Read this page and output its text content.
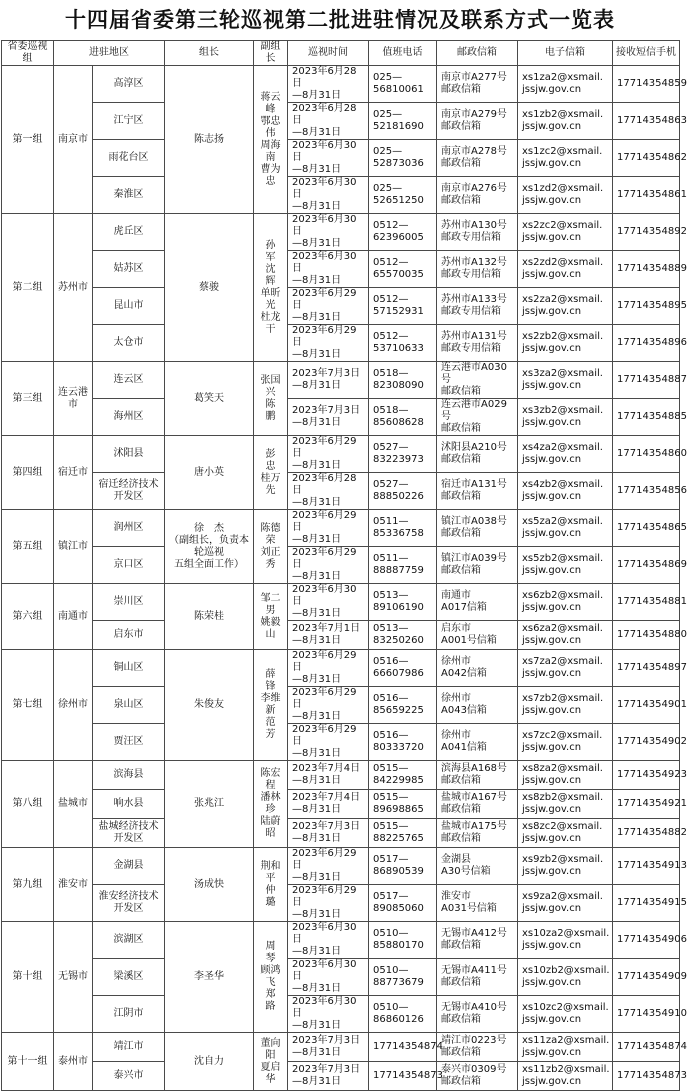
十四届省委第三轮巡视第二批进驻情况及联系方式一览表
省委巡视组	进驻地区		组长	副组长	巡视时间	值班电话	邮政信箱	电子信箱	接收短信手机
第一组	南京市	高淳区	陈志扬	蒋云峰
鄂忠伟
周海南
曹为忠	2023年6月28日
—8月31日	025—
56810061	南京市A277号
邮政信箱	xs1za2@xsmail.
jssjw.gov.cn	17714354859
		江宁区			2023年6月28日
—8月31日	025—
52181690	南京市A279号
邮政信箱	xs1zb2@xsmail.
jssjw.gov.cn	17714354863
		雨花台区			2023年6月30日
—8月31日	025—
52873036	南京市A278号
邮政信箱	xs1zc2@xsmail.
jssjw.gov.cn	17714354862
		秦淮区			2023年6月30日
—8月31日	025—
52651250	南京市A276号
邮政信箱	xs1zd2@xsmail.
jssjw.gov.cn	17714354861
第二组	苏州市	虎丘区	蔡骏	孙　军
沈　辉
单昕光
杜龙干	2023年6月30日
—8月31日	0512—
62396005	苏州市A130号
邮政专用信箱	xs2zc2@xsmail.
jssjw.gov.cn	17714354892
		姑苏区			2023年6月30日
—8月31日	0512—
65570035	苏州市A132号
邮政专用信箱	xs2zd2@xsmail.
jssjw.gov.cn	17714354889
		昆山市			2023年6月29日
—8月31日	0512—
57152931	苏州市A133号
邮政专用信箱	xs2za2@xsmail.
jssjw.gov.cn	17714354895
		太仓市			2023年6月29日
—8月31日	0512—
53710633	苏州市A131号
邮政专用信箱	xs2zb2@xsmail.
jssjw.gov.cn	17714354896
第三组	连云港市	连云区	葛笑天	张国兴
陈　鹏	2023年7月3日
—8月31日	0518—
82308090	连云港市A030号
邮政信箱	xs3za2@xsmail.
jssjw.gov.cn	17714354887
		海州区			2023年7月3日
—8月31日	0518—
85608628	连云港市A029号
邮政信箱	xs3zb2@xsmail.
jssjw.gov.cn	17714354885
第四组	宿迁市	沭阳县	唐小英	彭　忠
桂万先	2023年6月29日
—8月31日	0527—
83223973	沭阳县A210号
邮政信箱	xs4za2@xsmail.
jssjw.gov.cn	17714354860
		宿迁经济技术
开发区			2023年6月28日
—8月31日	0527—
88850226	宿迁市A131号
邮政信箱	xs4zb2@xsmail.
jssjw.gov.cn	17714354856
第五组	镇江市	润州区	徐　杰
（副组长，负责本轮巡视
五组全面工作）	陈德荣
刘正秀	2023年6月29日
—8月31日	0511—
85336758	镇江市A038号
邮政信箱	xs5za2@xsmail.
jssjw.gov.cn	17714354865
		京口区			2023年6月29日
—8月31日	0511—
88887759	镇江市A039号
邮政信箱	xs5zb2@xsmail.
jssjw.gov.cn	17714354869
第六组	南通市	崇川区	陈荣桂	邹二男
姚毅山	2023年6月30日
—8月31日	0513—
89106190	南通市
A017信箱	xs6zb2@xsmail.
jssjw.gov.cn	17714354881
		启东市			2023年7月1日
—8月31日	0513—
83250260	启东市
A001号信箱	xs6za2@xsmail.
jssjw.gov.cn	17714354880
第七组	徐州市	铜山区	朱俊友	薛　锋
李维新
范　芳	2023年6月29日
—8月31日	0516—
66607986	徐州市
A042信箱	xs7za2@xsmail.
jssjw.gov.cn	17714354897
		泉山区			2023年6月29日
—8月31日	0516—
85659225	徐州市
A043信箱	xs7zb2@xsmail.
jssjw.gov.cn	17714354901
		贾汪区			2023年6月29日
—8月31日	0516—
80333720	徐州市
A041信箱	xs7zc2@xsmail.
jssjw.gov.cn	17714354902
第八组	盐城市	滨海县	张兆江	陈宏程
潘林珍
陆蔚昭	2023年7月4日
—8月31日	0515—
84229985	滨海县A168号
邮政信箱	xs8za2@xsmail.
jssjw.gov.cn	17714354923
		响水县			2023年7月4日
—8月31日	0515—
89698865	盐城市A167号
邮政信箱	xs8zb2@xsmail.
jssjw.gov.cn	17714354921
		盐城经济技术
开发区			2023年7月3日
—8月31日	0515—
88225765	盐城市A175号
邮政信箱	xs8zc2@xsmail.
jssjw.gov.cn	17714354882
第九组	淮安市	金湖县	汤成快	荆和平
仲　璐	2023年6月29日
—8月31日	0517—
86890539	金湖县
A30号信箱	xs9zb2@xsmail.
jssjw.gov.cn	17714354913
		淮安经济技术
开发区			2023年6月29日
—8月31日	0517—
89085060	淮安市
A031号信箱	xs9za2@xsmail.
jssjw.gov.cn	17714354915
第十组	无锡市	滨湖区	李圣华	周　琴
顾鸿飞
郑　路	2023年6月30日
—8月31日	0510—
85880170	无锡市A412号
邮政信箱	xs10za2@xsmail.
jssjw.gov.cn	17714354906
		梁溪区			2023年6月30日
—8月31日	0510—
88773679	无锡市A411号
邮政信箱	xs10zb2@xsmail.
jssjw.gov.cn	17714354909
		江阴市			2023年6月30日
—8月31日	0510—
86860126	无锡市A410号
邮政信箱	xs10zc2@xsmail.
jssjw.gov.cn	17714354910
第十一组	泰州市	靖江市	沈自力	董向阳
夏启华	2023年7月3日
—8月31日	17714354874	靖江市0223号
邮政信箱	xs11za2@xsmail.
jssjw.gov.cn	17714354874
		泰兴市			2023年7月3日
—8月31日	17714354873	泰兴市0309号
邮政信箱	xs11zb2@xsmail.
jssjw.gov.cn	17714354873
